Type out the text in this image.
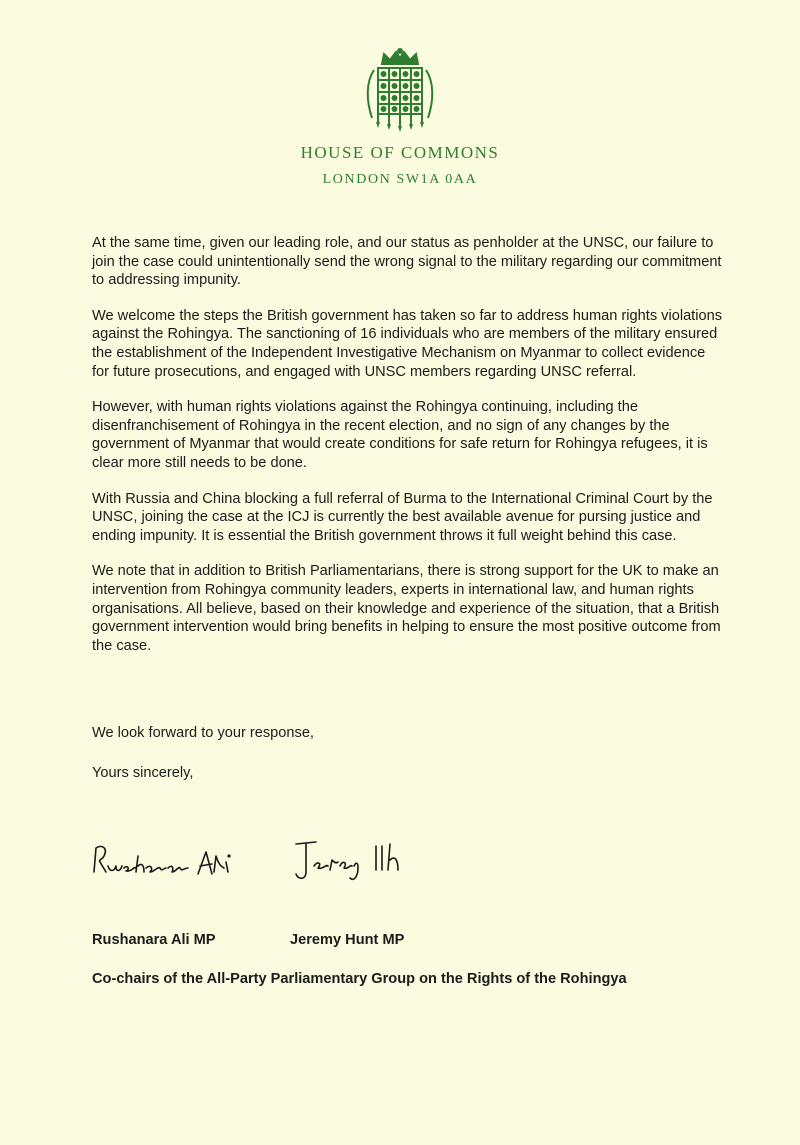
HOUSE OF COMMONS
LONDON SW1A 0AA

At the same time, given our leading role, and our status as penholder at the UNSC, our failure to join the case could unintentionally send the wrong signal to the military regarding our commitment to addressing impunity.

We welcome the steps the British government has taken so far to address human rights violations against the Rohingya. The sanctioning of 16 individuals who are members of the military ensured the establishment of the Independent Investigative Mechanism on Myanmar to collect evidence for future prosecutions, and engaged with UNSC members regarding UNSC referral.

However, with human rights violations against the Rohingya continuing, including the disenfranchisement of Rohingya in the recent election, and no sign of any changes by the government of Myanmar that would create conditions for safe return for Rohingya refugees, it is clear more still needs to be done.

With Russia and China blocking a full referral of Burma to the International Criminal Court by the UNSC, joining the case at the ICJ is currently the best available avenue for pursing justice and ending impunity. It is essential the British government throws it full weight behind this case.

We note that in addition to British Parliamentarians, there is strong support for the UK to make an intervention from Rohingya community leaders, experts in international law, and human rights organisations. All believe, based on their knowledge and experience of the situation, that a British government intervention would bring benefits in helping to ensure the most positive outcome from the case.

We look forward to your response,
Yours sincerely,
Rushanara Ali MP	Jeremy Hunt MP
Co-chairs of the All-Party Parliamentary Group on the Rights of the Rohingya
